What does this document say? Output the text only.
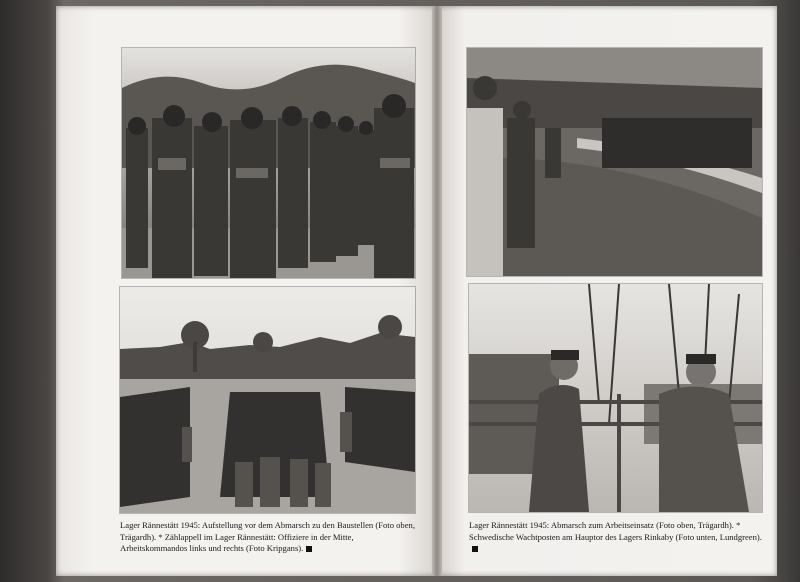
Lager Rännestätt 1945: Aufstellung vor dem Abmarsch zu den Baustellen (Foto oben, Trägardh). * Zählappell im Lager Rännestätt: Offiziere in der Mitte, Arbeitskommandos links und rechts (Foto Kripgans).
Lager Rännestätt 1945: Abmarsch zum Arbeitseinsatz (Foto oben, Trägardh). * Schwedische Wachtposten am Hauptor des Lagers Rinkaby (Foto unten, Lundgreen).
